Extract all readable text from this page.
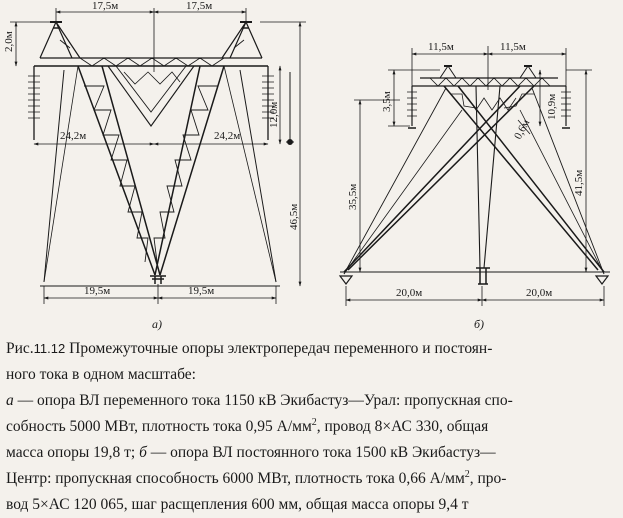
17,5м	17,5м
2,0м
24,2м	24,2м
12,0м
46,5м
19,5м	19,5м
а)
11,5м	11,5м
3,5м
0,6м
10,9м
35,5м
41,5м
20,0м	20,0м
б)
Рис.11.12 Промежуточные опоры электропередач переменного и постоян-
ного тока в одном масштабе:
а — опора ВЛ переменного тока 1150 кВ Экибастуз—Урал: пропускная спо-
собность 5000 МВт, плотность тока 0,95 $А/мм^2$, провод 8×АС 330, общая
масса опоры 19,8 т; б — опора ВЛ постоянного тока 1500 кВ Экибастуз—
Центр: пропускная способность 6000 МВт, плотность тока 0,66 $А/мм^2$, про-
вод 5×АС 120 065, шаг расщепления 600 мм, общая масса опоры 9,4 т
